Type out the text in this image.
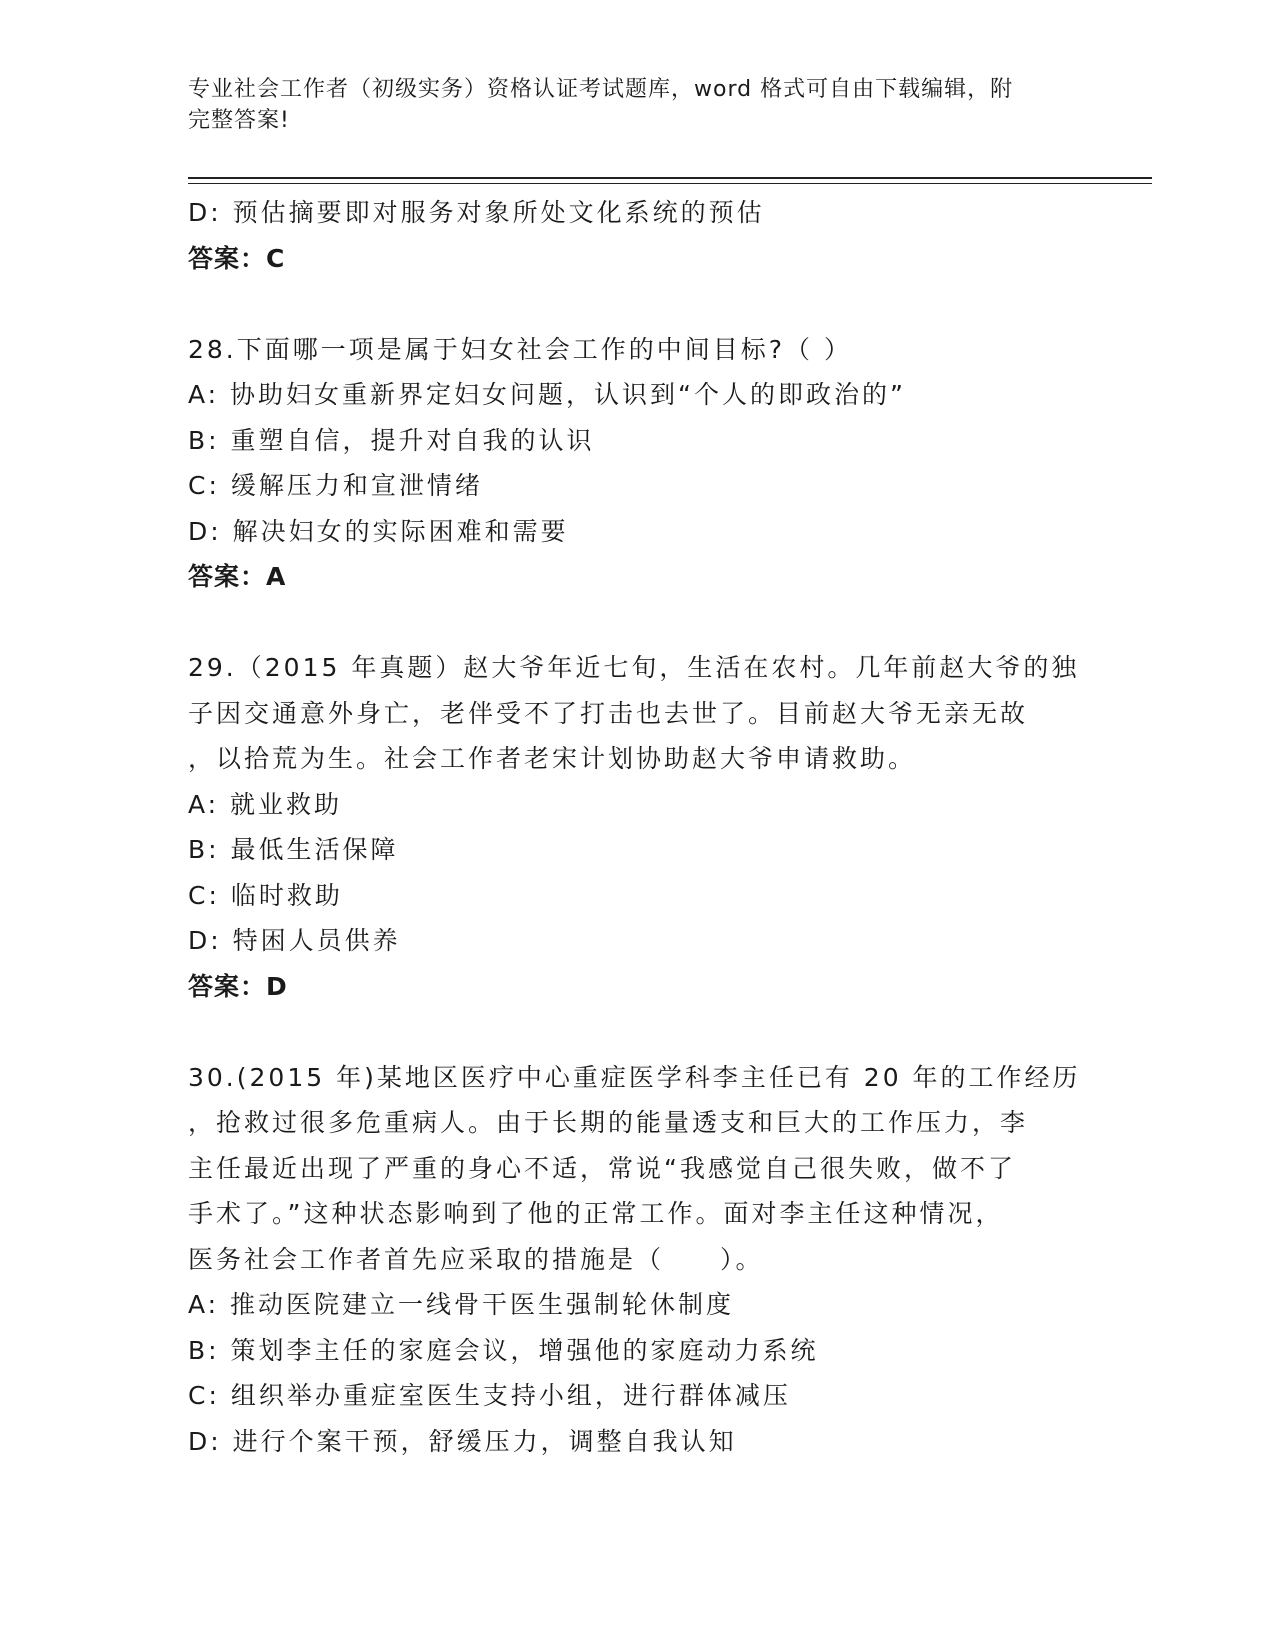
专业社会工作者（初级实务）资格认证考试题库，word 格式可自由下载编辑，附
完整答案!
D: 预估摘要即对服务对象所处文化系统的预估
答案：C
28.下面哪一项是属于妇女社会工作的中间目标?（ ）
A: 协助妇女重新界定妇女问题，认识到“个人的即政治的”
B: 重塑自信，提升对自我的认识
C: 缓解压力和宣泄情绪
D: 解决妇女的实际困难和需要
答案：A
29.（2015 年真题）赵大爷年近七旬，生活在农村。几年前赵大爷的独
子因交通意外身亡，老伴受不了打击也去世了。目前赵大爷无亲无故
，以拾荒为生。社会工作者老宋计划协助赵大爷申请救助。
A: 就业救助
B: 最低生活保障
C: 临时救助
D: 特困人员供养
答案：D
30.(2015 年)某地区医疗中心重症医学科李主任已有 20 年的工作经历
，抢救过很多危重病人。由于长期的能量透支和巨大的工作压力，李
主任最近出现了严重的身心不适，常说“我感觉自己很失败，做不了
手术了。”这种状态影响到了他的正常工作。面对李主任这种情况，
医务社会工作者首先应采取的措施是（　　）。
A: 推动医院建立一线骨干医生强制轮休制度
B: 策划李主任的家庭会议，增强他的家庭动力系统
C: 组织举办重症室医生支持小组，进行群体减压
D: 进行个案干预，舒缓压力，调整自我认知
